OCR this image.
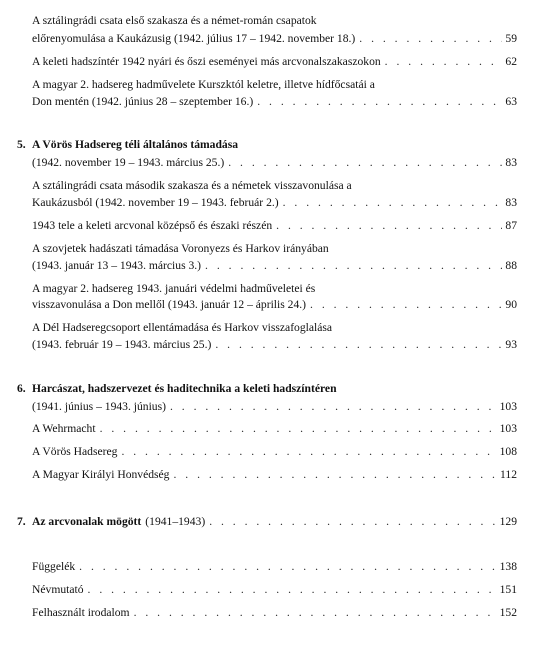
A sztálingrádi csata első szakasza és a német-román csapatok
előrenyomulása a Kaukázusig (1942. július 17 – 1942. november 18.) . . .	59
A keleti hadszíntér 1942 nyári és őszi eseményei más arcvonalszakaszokon . . .	62
A magyar 2. hadsereg hadművelete Kurszktól keletre, illetve hídfőcsatái a
Don mentén (1942. június 28 – szeptember 16.) . . .	63
5. A Vörös Hadsereg téli általános támadása
(1942. november 19 – 1943. március 25.) . . .	83
A sztálingrádi csata második szakasza és a németek visszavonulása a
Kaukázusból (1942. november 19 – 1943. február 2.) . . .	83
1943 tele a keleti arcvonal középső és északi részén . . .	87
A szovjetek hadászati támadása Voronyezs és Harkov irányában
(1943. január 13 – 1943. március 3.) . . .	88
A magyar 2. hadsereg 1943. januári védelmi hadműveletei és
visszavonulása a Don mellől (1943. január 12 – április 24.) . . .	90
A Dél Hadseregcsoport ellentámadása és Harkov visszafoglalása
(1943. február 19 – 1943. március 25.) . . .	93
6. Harcászat, hadszervezet és haditechnika a keleti hadszíntéren
(1941. június – 1943. június) . . .	103
A Wehrmacht . . .	103
A Vörös Hadsereg . . .	108
A Magyar Királyi Honvédség . . .	112
7. Az arcvonalak mögött (1941–1943) . . .	129
Függelék . . .	138
Névmutató . . .	151
Felhasznált irodalom . . .	152
